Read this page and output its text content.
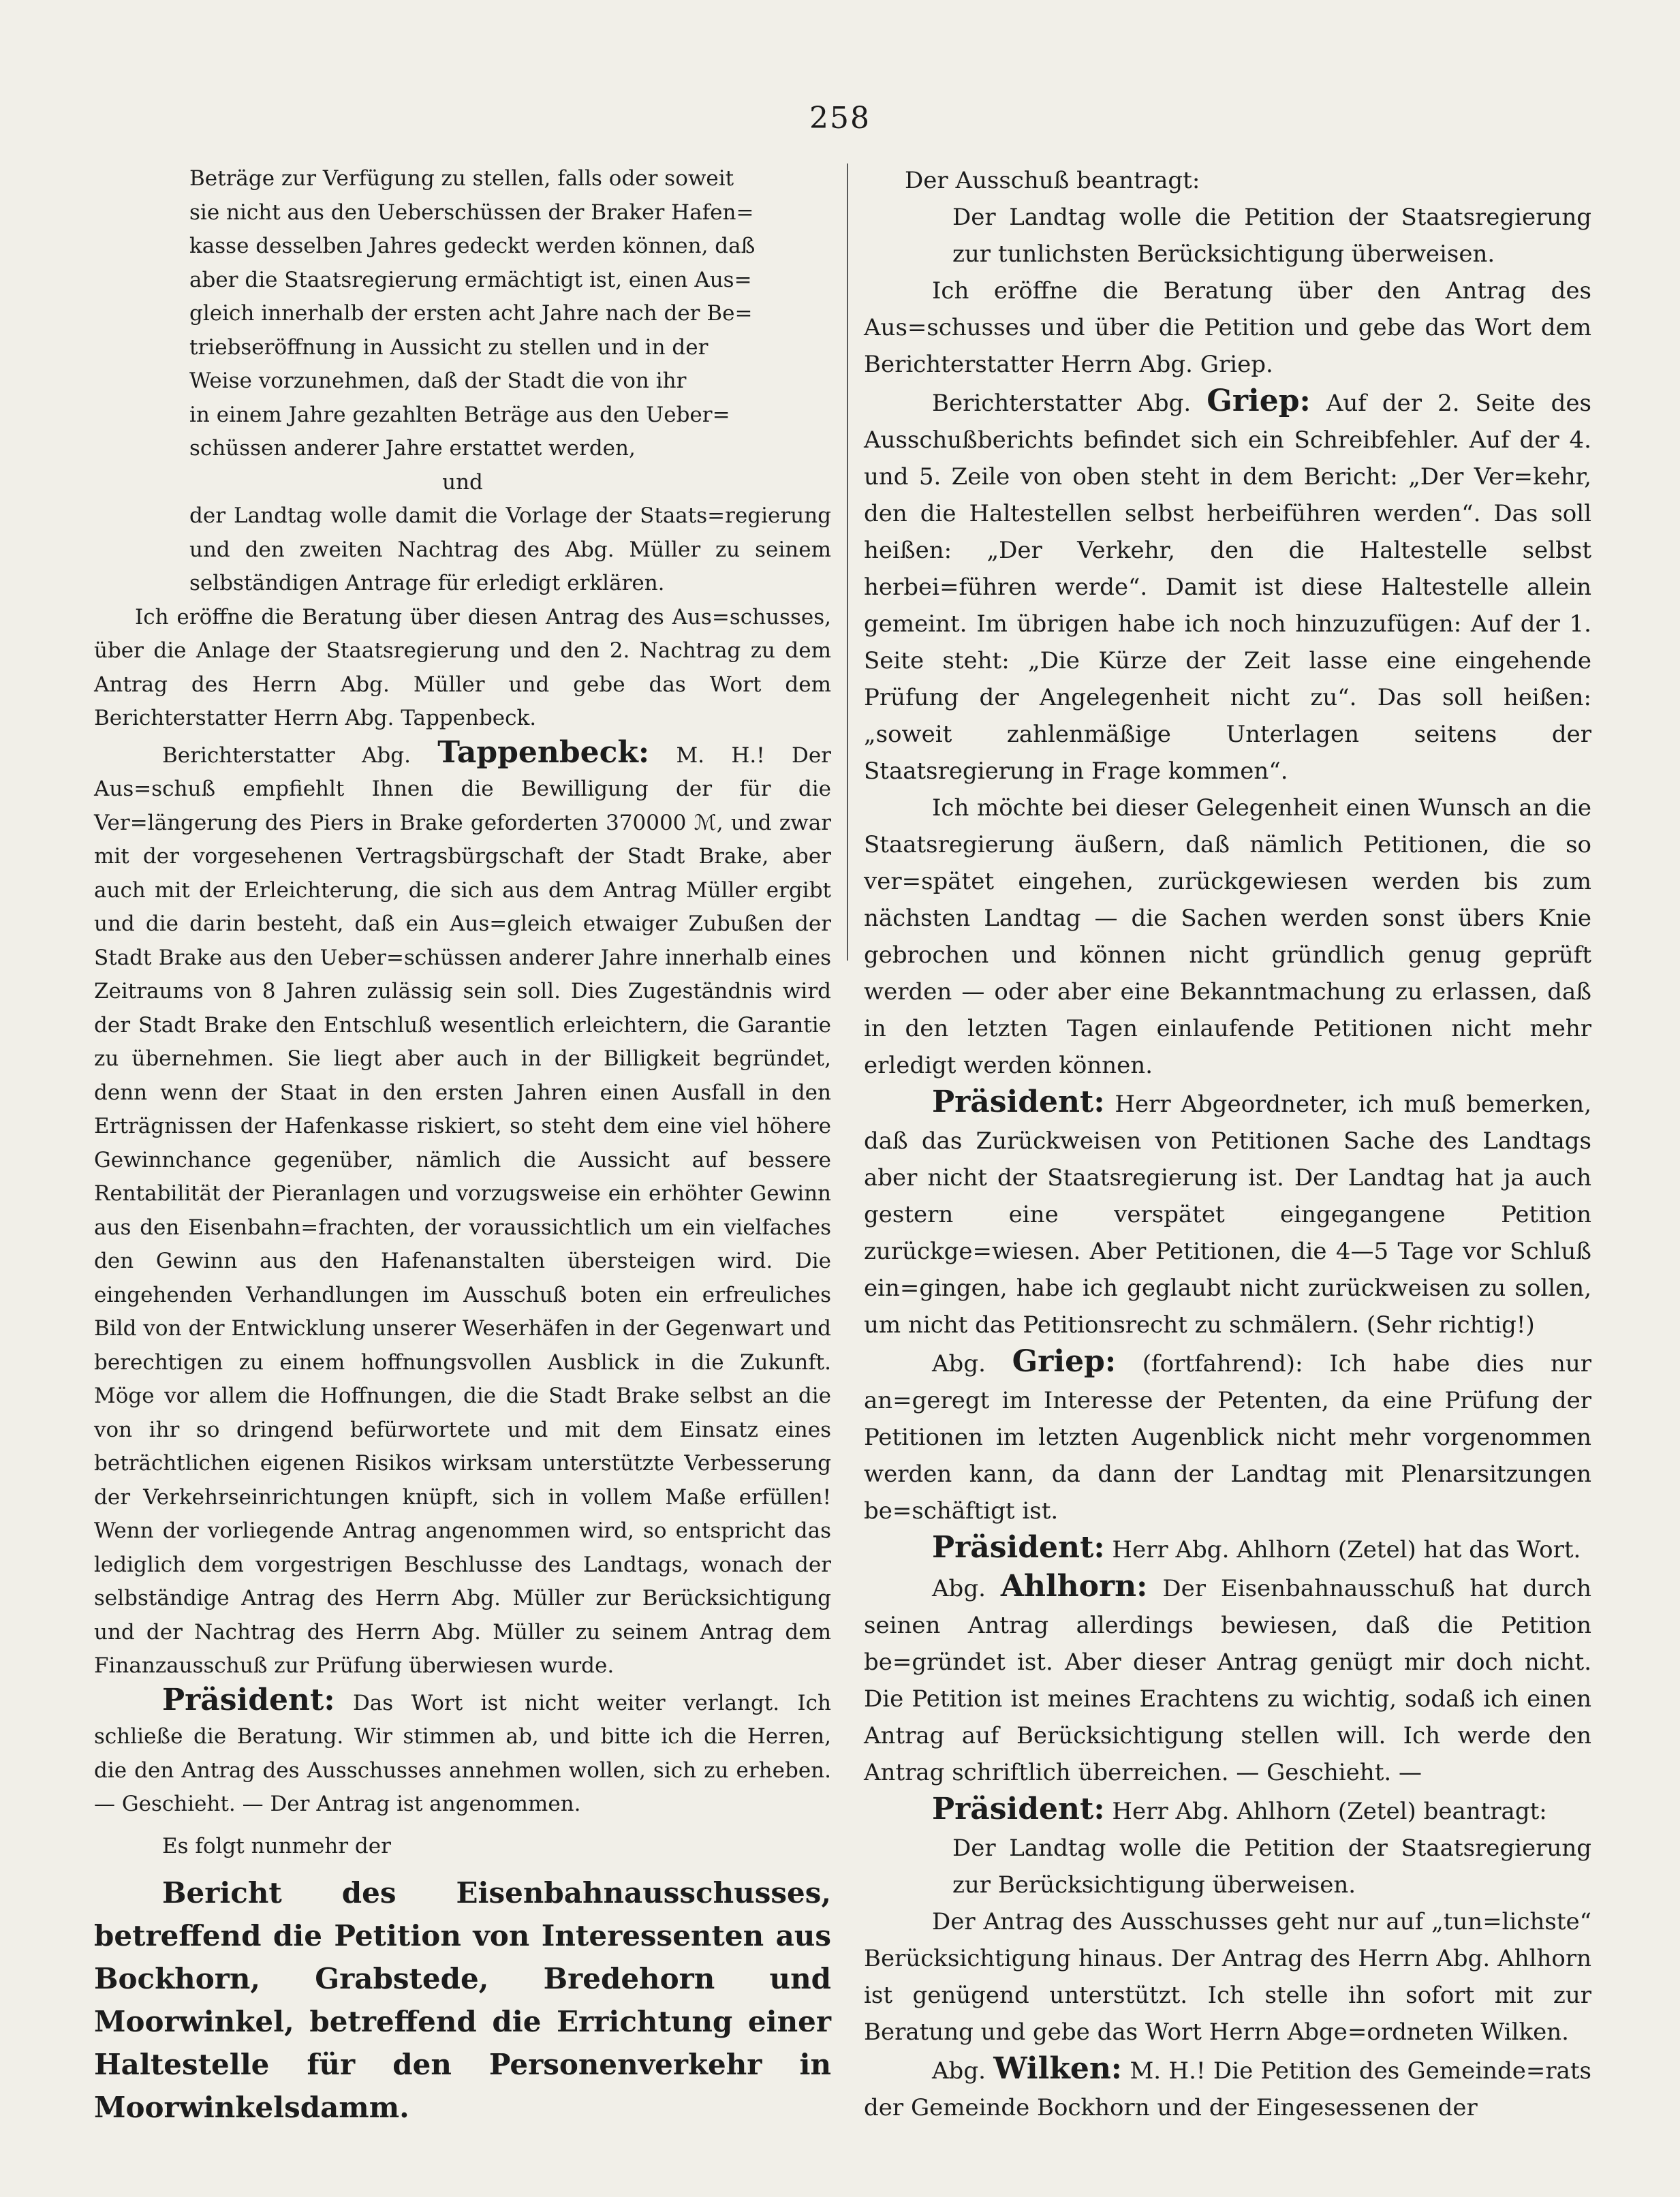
258

Beträge zur Verfügung zu stellen, falls oder soweit

sie nicht aus den Ueberschüssen der Braker Hafen=

kasse desselben Jahres gedeckt werden können, daß

aber die Staatsregierung ermächtigt ist, einen Aus=

gleich innerhalb der ersten acht Jahre nach der Be=

triebseröffnung in Aussicht zu stellen und in der

Weise vorzunehmen, daß der Stadt die von ihr

in einem Jahre gezahlten Beträge aus den Ueber=

schüssen anderer Jahre erstattet werden,

und

der Landtag wolle damit die Vorlage der Staats=regierung und den zweiten Nachtrag des Abg. Müller zu seinem selbständigen Antrage für erledigt erklären.

Ich eröffne die Beratung über diesen Antrag des Aus=schusses, über die Anlage der Staatsregierung und den 2. Nachtrag zu dem Antrag des Herrn Abg. Müller und gebe das Wort dem Berichterstatter Herrn Abg. Tappenbeck.

Berichterstatter Abg. Tappenbeck: M. H.! Der Aus=schuß empfiehlt Ihnen die Bewilligung der für die Ver=längerung des Piers in Brake geforderten 370000 ℳ, und zwar mit der vorgesehenen Vertragsbürgschaft der Stadt Brake, aber auch mit der Erleichterung, die sich aus dem Antrag Müller ergibt und die darin besteht, daß ein Aus=gleich etwaiger Zubußen der Stadt Brake aus den Ueber=schüssen anderer Jahre innerhalb eines Zeitraums von 8 Jahren zulässig sein soll. Dies Zugeständnis wird der Stadt Brake den Entschluß wesentlich erleichtern, die Garantie zu übernehmen. Sie liegt aber auch in der Billigkeit begründet, denn wenn der Staat in den ersten Jahren einen Ausfall in den Erträgnissen der Hafenkasse riskiert, so steht dem eine viel höhere Gewinnchance gegenüber, nämlich die Aussicht auf bessere Rentabilität der Pieranlagen und vorzugsweise ein erhöhter Gewinn aus den Eisenbahn=frachten, der voraussichtlich um ein vielfaches den Gewinn aus den Hafenanstalten übersteigen wird. Die eingehenden Verhandlungen im Ausschuß boten ein erfreuliches Bild von der Entwicklung unserer Weserhäfen in der Gegenwart und berechtigen zu einem hoffnungsvollen Ausblick in die Zukunft. Möge vor allem die Hoffnungen, die die Stadt Brake selbst an die von ihr so dringend befürwortete und mit dem Einsatz eines beträchtlichen eigenen Risikos wirksam unterstützte Verbesserung der Verkehrseinrichtungen knüpft, sich in vollem Maße erfüllen! Wenn der vorliegende Antrag angenommen wird, so entspricht das lediglich dem vorgestrigen Beschlusse des Landtags, wonach der selbständige Antrag des Herrn Abg. Müller zur Berücksichtigung und der Nachtrag des Herrn Abg. Müller zu seinem Antrag dem Finanzausschuß zur Prüfung überwiesen wurde.

Präsident: Das Wort ist nicht weiter verlangt. Ich schließe die Beratung. Wir stimmen ab, und bitte ich die Herren, die den Antrag des Ausschusses annehmen wollen, sich zu erheben. — Geschieht. — Der Antrag ist angenommen.

Es folgt nunmehr der

Bericht des Eisenbahnausschusses, betreffend die Petition von Interessenten aus Bockhorn, Grabstede, Bredehorn und Moorwinkel, betreffend die Errichtung einer Haltestelle für den Personenverkehr in Moorwinkelsdamm.

Der Ausschuß beantragt:

Der Landtag wolle die Petition der Staatsregierung zur tunlichsten Berücksichtigung überweisen.

Ich eröffne die Beratung über den Antrag des Aus=schusses und über die Petition und gebe das Wort dem Berichterstatter Herrn Abg. Griep.

Berichterstatter Abg. Griep: Auf der 2. Seite des Ausschußberichts befindet sich ein Schreibfehler. Auf der 4. und 5. Zeile von oben steht in dem Bericht: „Der Ver=kehr, den die Haltestellen selbst herbeiführen werden“. Das soll heißen: „Der Verkehr, den die Haltestelle selbst herbei=führen werde“. Damit ist diese Haltestelle allein gemeint. Im übrigen habe ich noch hinzuzufügen: Auf der 1. Seite steht: „Die Kürze der Zeit lasse eine eingehende Prüfung der Angelegenheit nicht zu“. Das soll heißen: „soweit zahlenmäßige Unterlagen seitens der Staatsregierung in Frage kommen“.

Ich möchte bei dieser Gelegenheit einen Wunsch an die Staatsregierung äußern, daß nämlich Petitionen, die so ver=spätet eingehen, zurückgewiesen werden bis zum nächsten Landtag — die Sachen werden sonst übers Knie gebrochen und können nicht gründlich genug geprüft werden — oder aber eine Bekanntmachung zu erlassen, daß in den letzten Tagen einlaufende Petitionen nicht mehr erledigt werden können.

Präsident: Herr Abgeordneter, ich muß bemerken, daß das Zurückweisen von Petitionen Sache des Landtags aber nicht der Staatsregierung ist. Der Landtag hat ja auch gestern eine verspätet eingegangene Petition zurückge=wiesen. Aber Petitionen, die 4—5 Tage vor Schluß ein=gingen, habe ich geglaubt nicht zurückweisen zu sollen, um nicht das Petitionsrecht zu schmälern. (Sehr richtig!)

Abg. Griep: (fortfahrend): Ich habe dies nur an=geregt im Interesse der Petenten, da eine Prüfung der Petitionen im letzten Augenblick nicht mehr vorgenommen werden kann, da dann der Landtag mit Plenarsitzungen be=schäftigt ist.

Präsident: Herr Abg. Ahlhorn (Zetel) hat das Wort.

Abg. Ahlhorn: Der Eisenbahnausschuß hat durch seinen Antrag allerdings bewiesen, daß die Petition be=gründet ist. Aber dieser Antrag genügt mir doch nicht. Die Petition ist meines Erachtens zu wichtig, sodaß ich einen Antrag auf Berücksichtigung stellen will. Ich werde den Antrag schriftlich überreichen. — Geschieht. —

Präsident: Herr Abg. Ahlhorn (Zetel) beantragt:

Der Landtag wolle die Petition der Staatsregierung zur Berücksichtigung überweisen.

Der Antrag des Ausschusses geht nur auf „tun=lichste“ Berücksichtigung hinaus. Der Antrag des Herrn Abg. Ahlhorn ist genügend unterstützt. Ich stelle ihn sofort mit zur Beratung und gebe das Wort Herrn Abge=ordneten Wilken.

Abg. Wilken: M. H.! Die Petition des Gemeinde=rats der Gemeinde Bockhorn und der Eingesessenen der
